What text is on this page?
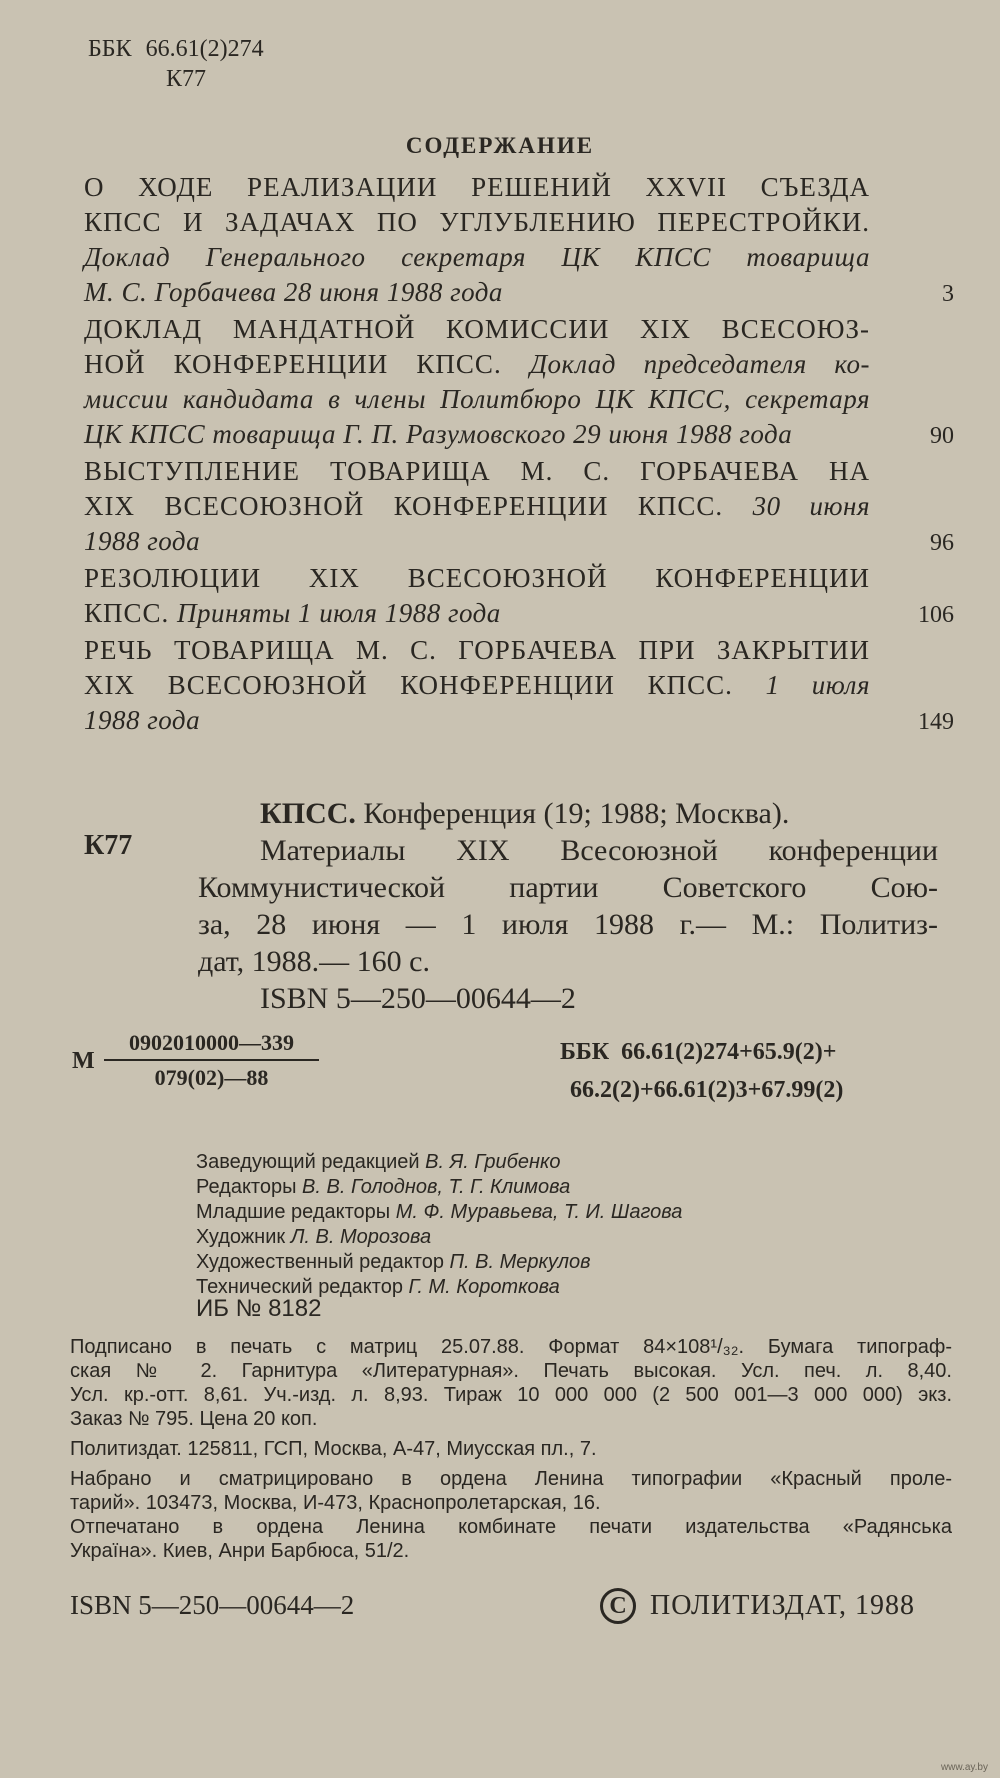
ББК 66.61(2)274
К77
СОДЕРЖАНИЕ
О ХОДЕ РЕАЛИЗАЦИИ РЕШЕНИЙ XXVII СЪЕЗДА
КПСС И ЗАДАЧАХ ПО УГЛУБЛЕНИЮ ПЕРЕСТРОЙКИ.
Доклад Генерального секретаря ЦК КПСС товарища
М. С. Горбачева 28 июня 1988 года	3
ДОКЛАД МАНДАТНОЙ КОМИССИИ XIX ВСЕСОЮЗ-
НОЙ КОНФЕРЕНЦИИ КПСС. Доклад председателя ко-
миссии кандидата в члены Политбюро ЦК КПСС, секретаря
ЦК КПСС товарища Г. П. Разумовского 29 июня 1988 года	90
ВЫСТУПЛЕНИЕ ТОВАРИЩА М. С. ГОРБАЧЕВА НА
XIX ВСЕСОЮЗНОЙ КОНФЕРЕНЦИИ КПСС. 30 июня
1988 года	96
РЕЗОЛЮЦИИ XIX ВСЕСОЮЗНОЙ КОНФЕРЕНЦИИ
КПСС. Приняты 1 июля 1988 года	106
РЕЧЬ ТОВАРИЩА М. С. ГОРБАЧЕВА ПРИ ЗАКРЫТИИ
XIX ВСЕСОЮЗНОЙ КОНФЕРЕНЦИИ КПСС. 1 июля
1988 года	149
К77
КПСС. Конференция (19; 1988; Москва).
Материалы XIX Всесоюзной конференции
Коммунистической партии Советского Сою-
за, 28 июня — 1 июля 1988 г.— М.: Политиз-
дат, 1988.— 160 с.
ISBN 5—250—00644—2
М $\frac{0902010000—339}{079(02)—88}$	ББК 66.61(2)274+65.9(2)+
66.2(2)+66.61(2)3+67.99(2)
Заведующий редакцией В. Я. Грибенко
Редакторы В. В. Голоднов, Т. Г. Климова
Младшие редакторы М. Ф. Муравьева, Т. И. Шагова
Художник Л. В. Морозова
Художественный редактор П. В. Меркулов
Технический редактор Г. М. Короткова
ИБ № 8182
Подписано в печать с матриц 25.07.88. Формат 84×108¹/₃₂. Бумага типограф-
ская № 2. Гарнитура «Литературная». Печать высокая. Усл. печ. л. 8,40.
Усл. кр.-отт. 8,61. Уч.-изд. л. 8,93. Тираж 10 000 000 (2 500 001—3 000 000) экз.
Заказ № 795. Цена 20 коп.
Политиздат. 125811, ГСП, Москва, А-47, Миусская пл., 7.
Набрано и сматрицировано в ордена Ленина типографии «Красный проле-
тарий». 103473, Москва, И-473, Краснопролетарская, 16.
Отпечатано в ордена Ленина комбинате печати издательства «Радянська
Україна». Киев, Анри Барбюса, 51/2.
ISBN 5—250—00644—2	C ПОЛИТИЗДАТ, 1988
www.ay.by
